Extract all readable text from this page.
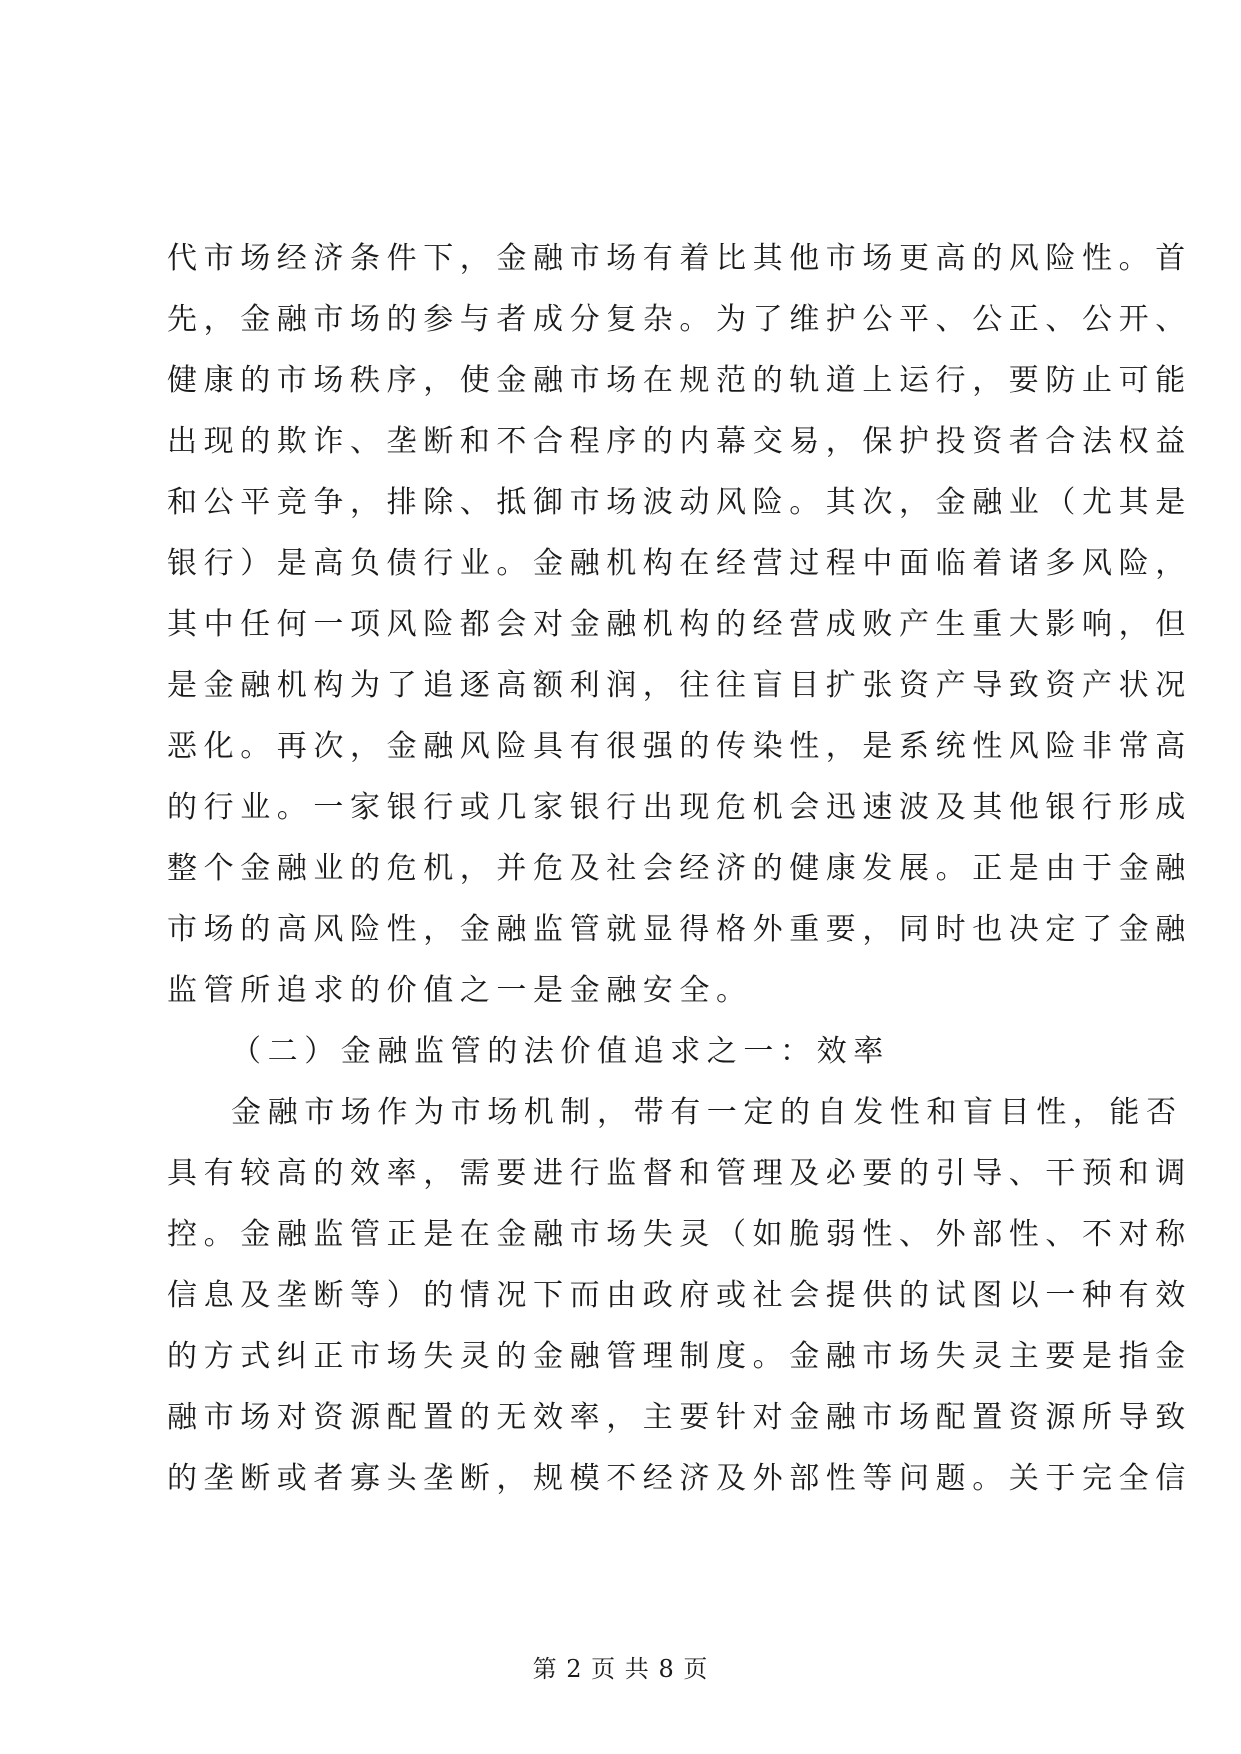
代市场经济条件下，金融市场有着比其他市场更高的风险性。首
先，金融市场的参与者成分复杂。为了维护公平、公正、公开、
健康的市场秩序，使金融市场在规范的轨道上运行，要防止可能
出现的欺诈、垄断和不合程序的内幕交易，保护投资者合法权益
和公平竞争，排除、抵御市场波动风险。其次，金融业（尤其是
银行）是高负债行业。金融机构在经营过程中面临着诸多风险，
其中任何一项风险都会对金融机构的经营成败产生重大影响，但
是金融机构为了追逐高额利润，往往盲目扩张资产导致资产状况
恶化。再次，金融风险具有很强的传染性，是系统性风险非常高
的行业。一家银行或几家银行出现危机会迅速波及其他银行形成
整个金融业的危机，并危及社会经济的健康发展。正是由于金融
市场的高风险性，金融监管就显得格外重要，同时也决定了金融
监管所追求的价值之一是金融安全。
（二）金融监管的法价值追求之一：效率
金融市场作为市场机制，带有一定的自发性和盲目性，能否
具有较高的效率，需要进行监督和管理及必要的引导、干预和调
控。金融监管正是在金融市场失灵（如脆弱性、外部性、不对称
信息及垄断等）的情况下而由政府或社会提供的试图以一种有效
的方式纠正市场失灵的金融管理制度。金融市场失灵主要是指金
融市场对资源配置的无效率，主要针对金融市场配置资源所导致
的垄断或者寡头垄断，规模不经济及外部性等问题。关于完全信
第 2 页 共 8 页
